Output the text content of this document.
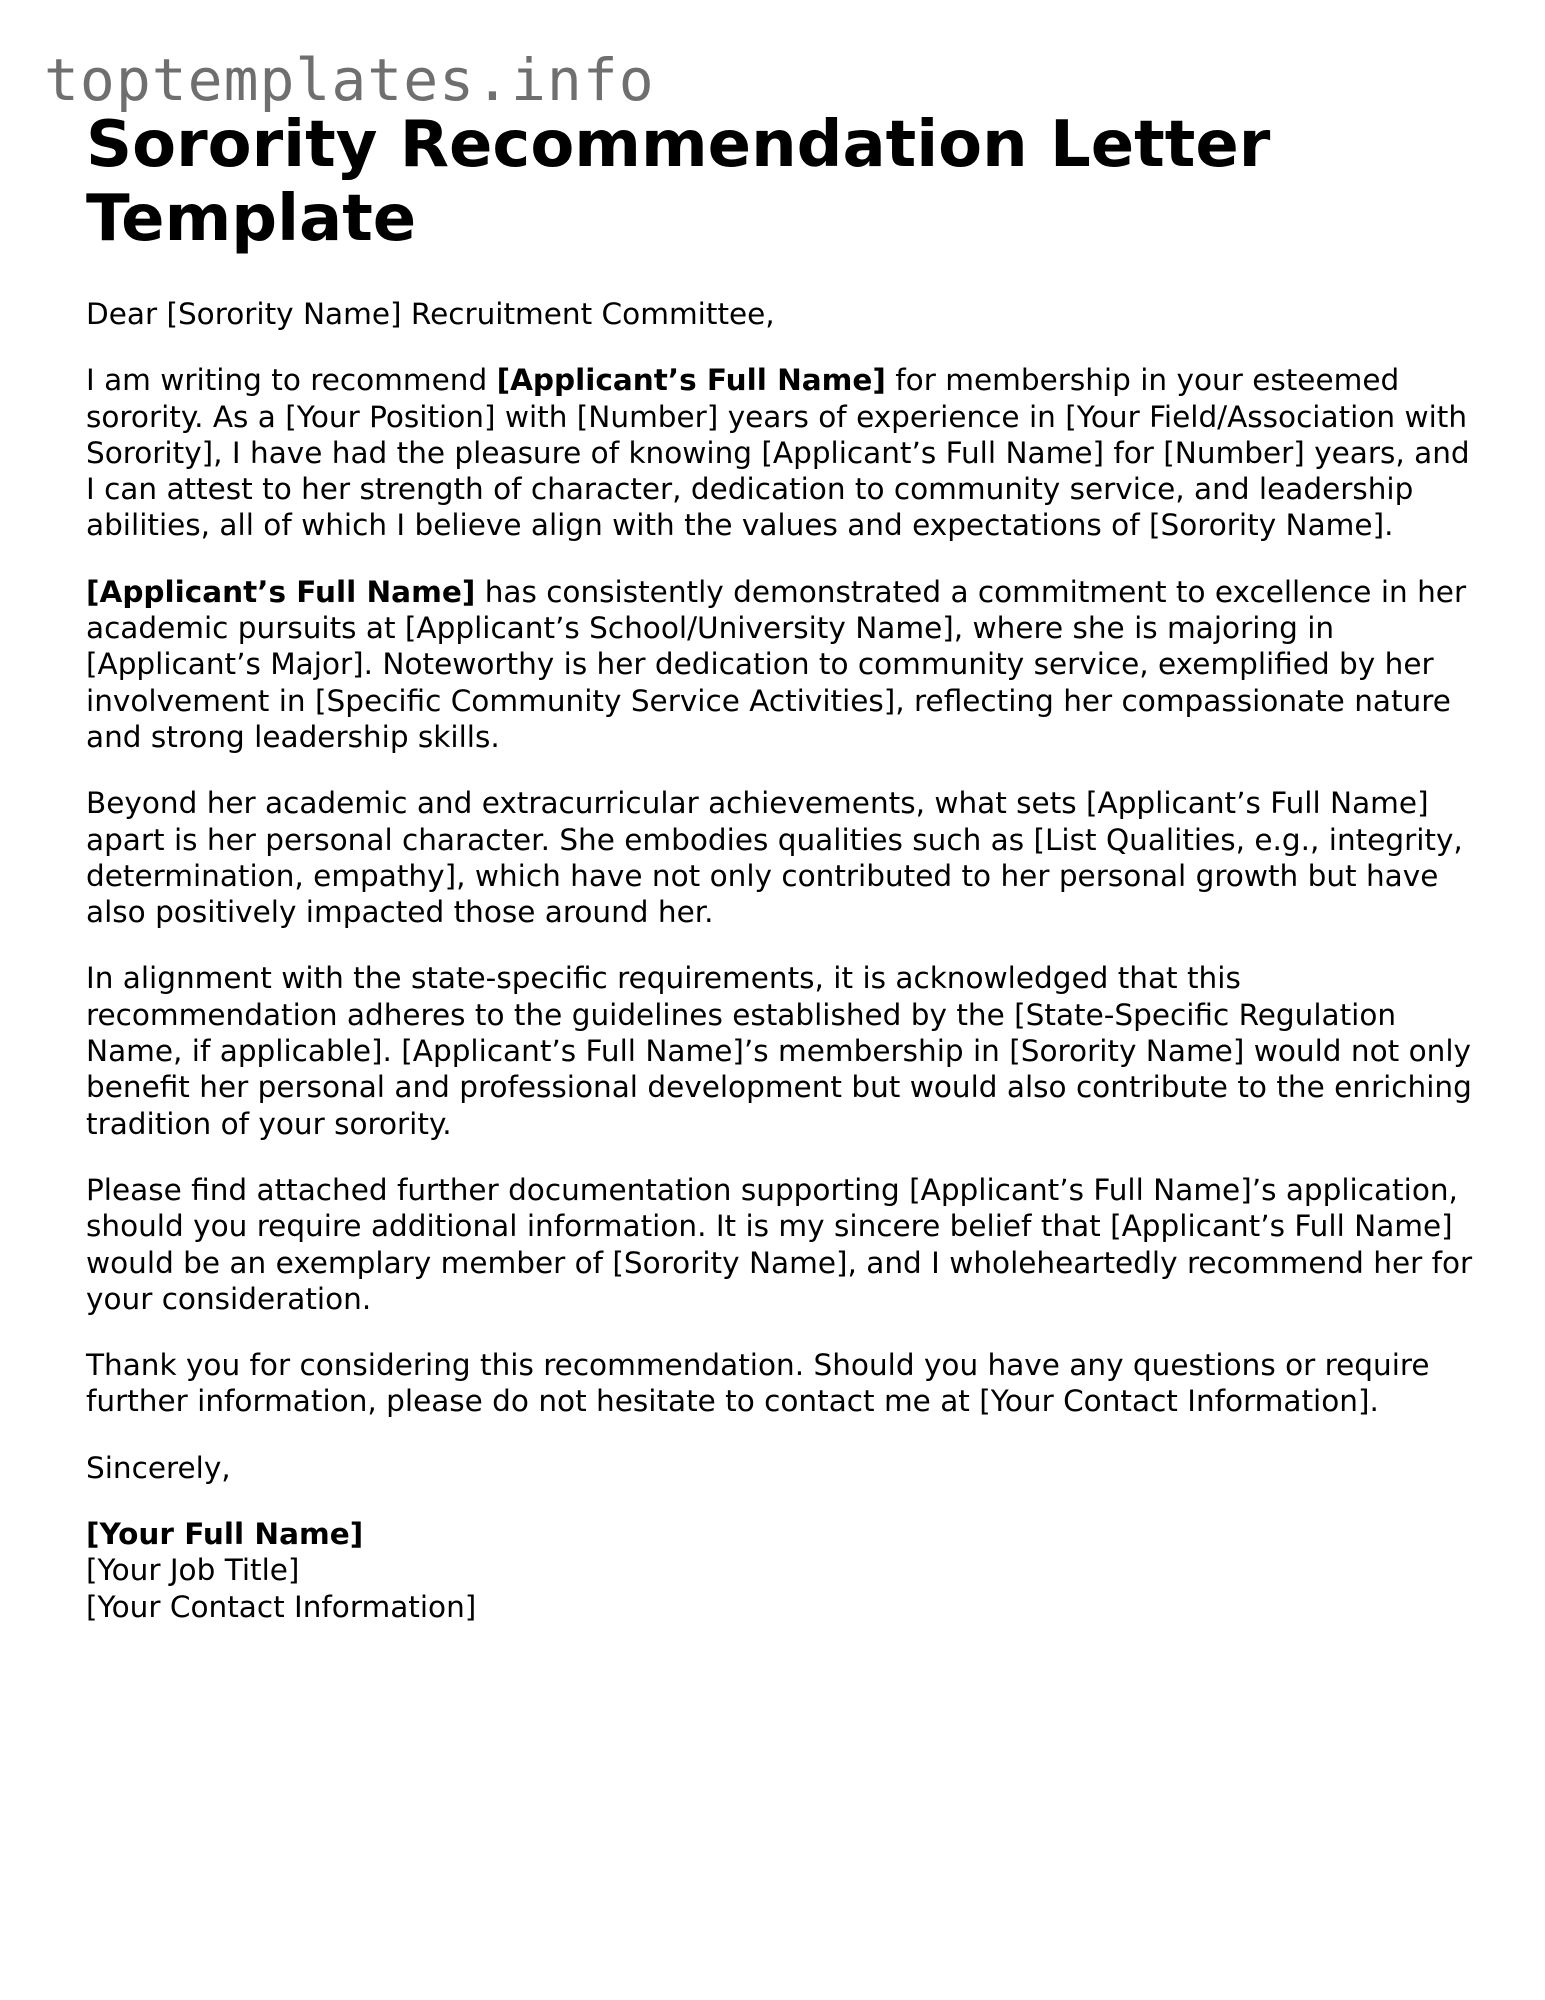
toptemplates.info
Sorority Recommendation Letter Template

Dear [Sorority Name] Recruitment Committee,

I am writing to recommend [Applicant’s Full Name] for membership in your esteemed sorority. As a [Your Position] with [Number] years of experience in [Your Field/Association with Sorority], I have had the pleasure of knowing [Applicant’s Full Name] for [Number] years, and I can attest to her strength of character, dedication to community service, and leadership abilities, all of which I believe align with the values and expectations of [Sorority Name].

[Applicant’s Full Name] has consistently demonstrated a commitment to excellence in her academic pursuits at [Applicant’s School/University Name], where she is majoring in [Applicant’s Major]. Noteworthy is her dedication to community service, exemplified by her involvement in [Specific Community Service Activities], reflecting her compassionate nature and strong leadership skills.

Beyond her academic and extracurricular achievements, what sets [Applicant’s Full Name] apart is her personal character. She embodies qualities such as [List Qualities, e.g., integrity, determination, empathy], which have not only contributed to her personal growth but have also positively impacted those around her.

In alignment with the state-specific requirements, it is acknowledged that this recommendation adheres to the guidelines established by the [State-Specific Regulation Name, if applicable]. [Applicant’s Full Name]’s membership in [Sorority Name] would not only benefit her personal and professional development but would also contribute to the enriching tradition of your sorority.

Please find attached further documentation supporting [Applicant’s Full Name]’s application, should you require additional information. It is my sincere belief that [Applicant’s Full Name] would be an exemplary member of [Sorority Name], and I wholeheartedly recommend her for your consideration.

Thank you for considering this recommendation. Should you have any questions or require further information, please do not hesitate to contact me at [Your Contact Information].

Sincerely,

[Your Full Name]
[Your Job Title]
[Your Contact Information]
